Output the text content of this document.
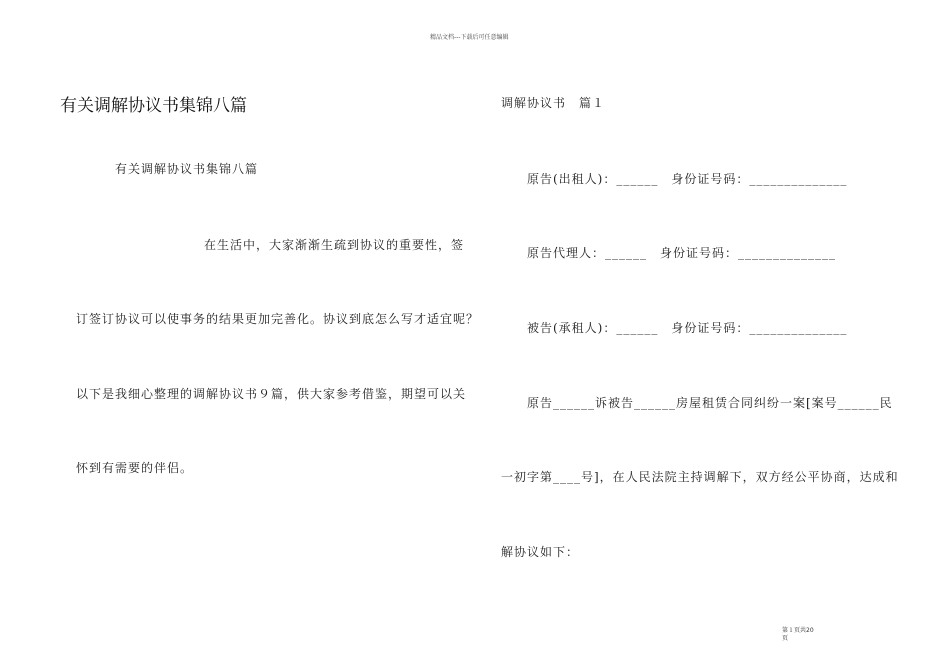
精品文档---下载后可任意编辑
有关调解协议书集锦八篇
有关调解协议书集锦八篇
在生活中，大家渐渐生疏到协议的重要性，签
订签订协议可以使事务的结果更加完善化。协议到底怎么写才适宜呢？
以下是我细心整理的调解协议书９篇，供大家参考借鉴，期望可以关
怀到有需要的伴侣。
调解协议书　篇１
原告(出租人)：______　身份证号码：______________
原告代理人：______　身份证号码：______________
被告(承租人)：______　身份证号码：______________
原告______诉被告______房屋租赁合同纠纷一案[案号______民
一初字第____号]，在人民法院主持调解下，双方经公平协商，达成和
解协议如下：
第１页共20
页
